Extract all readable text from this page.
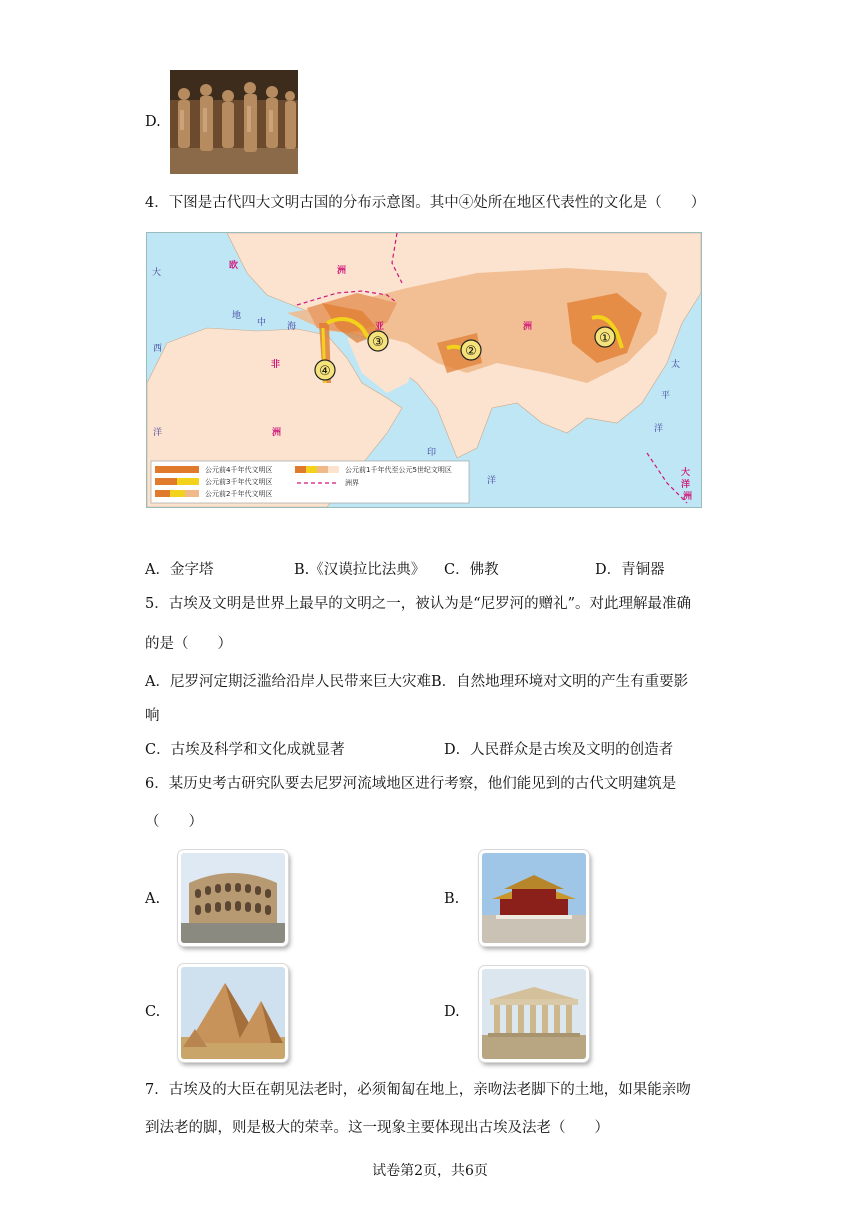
D.
4．下图是古代四大文明古国的分布示意图。其中④处所在地区代表性的文化是（　　）
①
②
③
④
欧	洲
亚	洲
非
洲
大
西
洋
太
平
洋
印
洋
地
中 海
大
洋
洲
公元前4千年代文明区
公元前3千年代文明区
公元前2千年代文明区
公元前1千年代至公元5世纪文明区
洲界
A．金字塔	B.《汉谟拉比法典》 C．佛教	D．青铜器
5．古埃及文明是世界上最早的文明之一，被认为是“尼罗河的赠礼”。对此理解最准确
的是（　　）
A．尼罗河定期泛滥给沿岸人民带来巨大灾难B．自然地理环境对文明的产生有重要影
响
C．古埃及科学和文化成就显著	D．人民群众是古埃及文明的创造者
6．某历史考古研究队要去尼罗河流域地区进行考察，他们能见到的古代文明建筑是
（　　）
A.	B.
C.	D.
7．古埃及的大臣在朝见法老时，必须匍匐在地上，亲吻法老脚下的土地，如果能亲吻
到法老的脚，则是极大的荣幸。这一现象主要体现出古埃及法老（　　）
试卷第2页，共6页
